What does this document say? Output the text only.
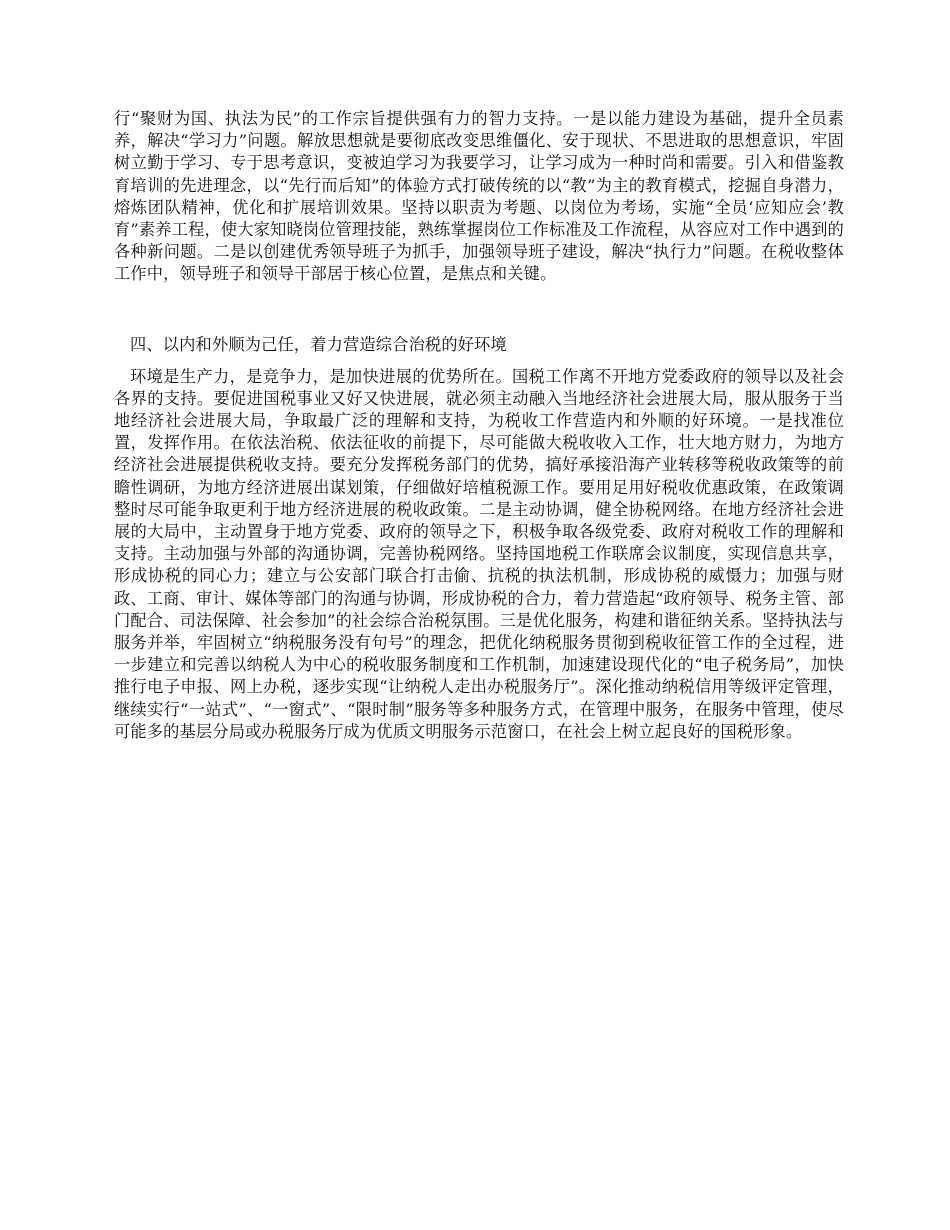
行“聚财为国、执法为民”的工作宗旨提供强有力的智力支持。一是以能力建设为基础，提升全员素养，解决“学习力”问题。解放思想就是要彻底改变思维僵化、安于现状、不思进取的思想意识，牢固树立勤于学习、专于思考意识，变被迫学习为我要学习，让学习成为一种时尚和需要。引入和借鉴教育培训的先进理念，以“先行而后知”的体验方式打破传统的以“教”为主的教育模式，挖掘自身潜力，熔炼团队精神，优化和扩展培训效果。坚持以职责为考题、以岗位为考场，实施“全员‘应知应会’教育”素养工程，使大家知晓岗位管理技能，熟练掌握岗位工作标准及工作流程，从容应对工作中遇到的各种新问题。二是以创建优秀领导班子为抓手，加强领导班子建设，解决“执行力”问题。在税收整体工作中，领导班子和领导干部居于核心位置，是焦点和关键。

四、以内和外顺为己任，着力营造综合治税的好环境

环境是生产力，是竞争力，是加快进展的优势所在。国税工作离不开地方党委政府的领导以及社会各界的支持。要促进国税事业又好又快进展，就必须主动融入当地经济社会进展大局，服从服务于当地经济社会进展大局，争取最广泛的理解和支持，为税收工作营造内和外顺的好环境。一是找准位置，发挥作用。在依法治税、依法征收的前提下，尽可能做大税收收入工作，壮大地方财力，为地方经济社会进展提供税收支持。要充分发挥税务部门的优势，搞好承接沿海产业转移等税收政策等的前瞻性调研，为地方经济进展出谋划策，仔细做好培植税源工作。要用足用好税收优惠政策，在政策调整时尽可能争取更利于地方经济进展的税收政策。二是主动协调，健全协税网络。在地方经济社会进展的大局中，主动置身于地方党委、政府的领导之下，积极争取各级党委、政府对税收工作的理解和支持。主动加强与外部的沟通协调，完善协税网络。坚持国地税工作联席会议制度，实现信息共享，形成协税的同心力；建立与公安部门联合打击偷、抗税的执法机制，形成协税的威慑力；加强与财政、工商、审计、媒体等部门的沟通与协调，形成协税的合力，着力营造起“政府领导、税务主管、部门配合、司法保障、社会参加”的社会综合治税氛围。三是优化服务，构建和谐征纳关系。坚持执法与服务并举，牢固树立“纳税服务没有句号”的理念，把优化纳税服务贯彻到税收征管工作的全过程，进一步建立和完善以纳税人为中心的税收服务制度和工作机制，加速建设现代化的“电子税务局”，加快推行电子申报、网上办税，逐步实现“让纳税人走出办税服务厅”。深化推动纳税信用等级评定管理，继续实行“一站式”、“一窗式”、“限时制”服务等多种服务方式，在管理中服务，在服务中管理，使尽可能多的基层分局或办税服务厅成为优质文明服务示范窗口，在社会上树立起良好的国税形象。
